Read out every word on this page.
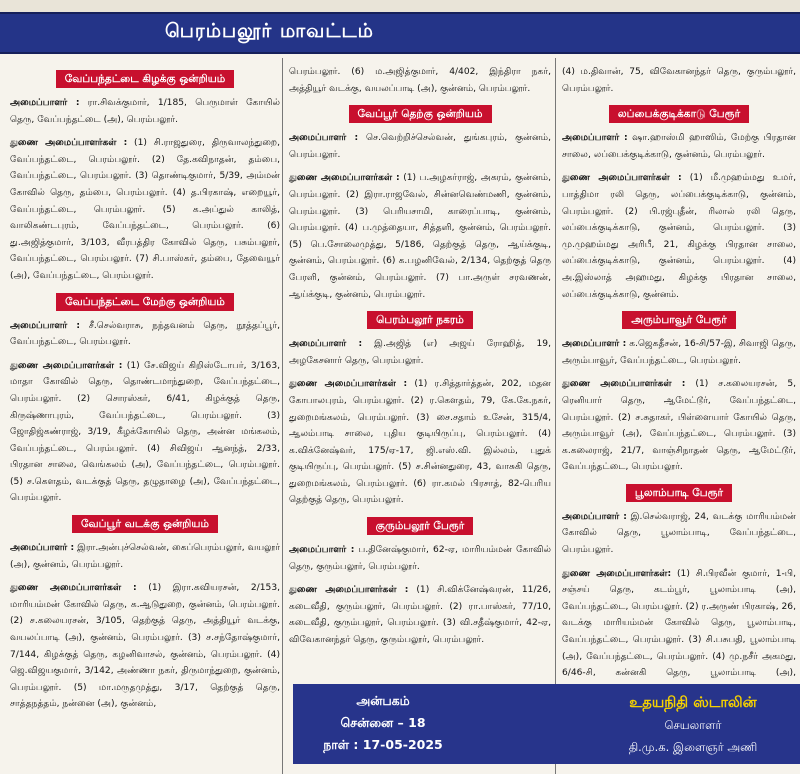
பெரம்பலூர் மாவட்டம்
வேப்பந்தட்டை கிழக்கு ஒன்றியம்

அமைப்பாளர் : ரா.சிவக்குமார், 1/185, பெருமாள் கோயில் தெரு, வேப்பந்தட்டை (அ), பெரம்பலூர்.

துணை அமைப்பாளர்கள் : (1) சி.ராஜதுரை, திருவாலந்துறை, வேப்பந்தட்டை, பெரம்பலூர். (2) தே.கவிநாதன், தம்பை, வேப்பந்தட்டை, பெரம்பலூர். (3) தொண்டிகுமார், 5/39, அம்மன் கோவில் தெரு, தம்பை, பெரம்பலூர். (4) த.பிரகாஷ், எறையூர், வேப்பந்தட்டை, பெரம்பலூர். (5) க.அப்துல் காலித், வாலிகண்டபுரம், வேப்பந்தட்டை, பெரம்பலூர். (6) து.அஜித்குமார், 3/103, வீரபத்திர கோவில் தெரு, பசும்பலூர், வேப்பந்தட்டை, பெரம்பலூர். (7) சி.பாஸ்கர், தம்பை, தேவையூர் (அ), வேப்பந்தட்டை, பெரம்பலூர்.

வேப்பந்தட்டை மேற்கு ஒன்றியம்

அமைப்பாளர் : சீ.செல்வராசு, நந்தவனம் தெரு, நூத்தப்பூர், வேப்பந்தட்டை, பெரம்பலூர்.

துணை அமைப்பாளர்கள் : (1) சே.விஜய் கிறிஸ்டோபர், 3/163, மாதா கோவில் தெரு, தொண்டமாந்துறை, வேப்பந்தட்டை, பெரம்பலூர். (2) சொரஸ்கர், 6/41, கிழக்குத் தெரு, கிருஷ்ணாபுரம், வேப்பந்தட்டை, பெரம்பலூர். (3) ஜோதிஜ்கண்ராஜ், 3/19, கீழக்கோயில் தெரு, அன்ன மங்கலம், வேப்பந்தட்டை, பெரம்பலூர். (4) சிவிஜய் ஆனந்த், 2/33, பிரதான சாலை, வெங்கலம் (அ), வேப்பந்தட்டை, பெரம்பலூர். (5) ச.கௌதம், வடக்குத் தெரு, தழுதாழை (அ), வேப்பந்தட்டை, பெரம்பலூர்.

வேப்பூர் வடக்கு ஒன்றியம்

அமைப்பாளர் : இரா.அன்புச்செல்வன், கைப்பெரம்பலூர், வயலூர் (அ), குன்னம், பெரம்பலூர்.

துணை அமைப்பாளர்கள் : (1) இரா.கவியரசன், 2/153, மாரியம்மன் கோவில் தெரு, க.ஆடுதுறை, குன்னம், பெரம்பலூர். (2) ச.கலையரசன், 3/105, தெற்குத் தெரு, அத்தியூர் வடக்கு, வயலப்பாடி (அ), குன்னம், பெரம்பலூர். (3) ச.சந்தோஷ்குமார், 7/144, கிழக்குத் தெரு, கழனிவாசல், குன்னம், பெரம்பலூர். (4) ஜெ.விஜயகுமார், 3/142, அண்ணா நகர், திருமாந்துறை, குன்னம், பெரம்பலூர். (5) மா.மருதமுத்து, 3/17, தெற்குத் தெரு, சாத்தநத்தம், நன்னை (அ), குன்னம்,

பெரம்பலூர். (6) ம.அஜித்குமார், 4/402, இந்திரா நகர், அத்தியூர் வடக்கு, வயலப்பாடி (அ), குன்னம், பெரம்பலூர்.

வேப்பூர் தெற்கு ஒன்றியம்

அமைப்பாளர் : செ.வெற்றிச்செல்வன், துங்கபுரம், குன்னம், பெரம்பலூர்.

துணை அமைப்பாளர்கள் : (1) ப.அழகர்ராஜ், அகரம், குன்னம், பெரம்பலூர். (2) இரா.ராஜவேல், சின்னவெண்மணி, குன்னம், பெரம்பலூர். (3) பெரியசாமி, காரைப்பாடி, குன்னம், பெரம்பலூர். (4) ப.முத்தையா, சித்தளி, குன்னம், பெரம்பலூர். (5) பெ.சோலைமுத்து, 5/186, தெற்குத் தெரு, ஆய்க்குடி, குன்னம், பெரம்பலூர். (6) க.பழனிவேல், 2/134, தெற்குத் தெரு பேரளி, குன்னம், பெரம்பலூர். (7) பா.அருள் சரவணன், ஆய்க்குடி, குன்னம், பெரம்பலூர்.

பெரம்பலூர் நகரம்

அமைப்பாளர் : இ.அஜித் (எ) அஜய் ரோஹித், 19, அழகேசனார் தெரு, பெரம்பலூர்.

துணை அமைப்பாளர்கள் : (1) ர.சித்தார்த்தன், 202, மதன கோபாலபுரம், பெரம்பலூர். (2) ர.கௌதம், 79, கே.கே.நகர், துறைமங்கலம், பெரம்பலூர். (3) சை.சதாம் உசேன், 315/4, ஆலம்பாடி சாலை, புதிய குடியிருப்பு, பெரம்பலூர். (4) க.விக்னேஷ்வர், 175/ஏ-17, ஜி.எஸ்.வி. இல்லம், புதுக் குடியிருப்பு, பெரம்பலூர். (5) ச.சின்னதுரை, 43, வாசுகி தெரு, துறைமங்கலம், பெரம்பலூர். (6) ரா.கமல் பிரசாத், 82-பெரிய தெற்குத் தெரு, பெரம்பலூர்.

குரும்பலூர் பேரூர்

அமைப்பாளர் : ப.தினேஷ்குமார், 62-ஏ, மாரியம்மன் கோவில் தெரு, குரும்பலூர், பெரம்பலூர்.

துணை அமைப்பாளர்கள் : (1) சி.விக்னேஷ்வரன், 11/26, கடைவீதி, குரும்பலூர், பெரம்பலூர். (2) ரா.பாஸ்கர், 77/10, கடைவீதி, குரும்பலூர், பெரம்பலூர். (3) வி.சதீஷ்குமார், 42-ஏ, விவேகானந்தர் தெரு, குரும்பலூர், பெரம்பலூர்.

(4) ம.திவான், 75, விவேகானந்தர் தெரு, குரும்பலூர், பெரம்பலூர்.

லப்பைக்குடிக்காடு பேரூர்

அமைப்பாளர் : ஷா.ஹாஸ்மி ஹாஸிம், மேற்கு பிரதான சாலை, லப்பைக்குடிக்காடு, குன்னம், பெரம்பலூர்.

துணை அமைப்பாளர்கள் : (1) மீ.முஹம்மது உமர், பாத்திமா ரலி தெரு, லப்பைக்குடிக்காடு, குன்னம், பெரம்பலூர். (2) பி.ரஜ்புதீன், ரிலால் ரலி தெரு, லப்பைக்குடிக்காடு, குன்னம், பெரம்பலூர். (3) மு.முஹம்மது அரிபீ, 21, கிழக்கு பிரதான சாலை, லப்பைக்குடிக்காடு, குன்னம், பெரம்பலூர். (4) அ.இஸ்லாத் அஹமது, கிழக்கு பிரதான சாலை, லப்பைக்குடிக்காடு, குன்னம்.

அரும்பாவூர் பேரூர்

அமைப்பாளர் : க.ஜெகதீசன், 16-சி/57-இ, சிவாஜி தெரு, அரும்பாவூர், வேப்பந்தட்டை, பெரம்பலூர்.

துணை அமைப்பாளர்கள் : (1) ச.கலையரசன், 5, ரெனியார் தெரு, ஆமேட்டூர், வேப்பந்தட்டை, பெரம்பலூர். (2) ச.சுதாகர், பிள்ளையார் கோயில் தெரு, அரும்பாவூர் (அ), வேப்பந்தட்டை, பெரம்பலூர். (3) க.கலைராஜ், 21/7, வாஞ்சிநாதன் தெரு, ஆமேட்டூர், வேப்பந்தட்டை, பெரம்பலூர்.

பூலாம்பாடி பேரூர்

அமைப்பாளர் : இ.செல்வராஜ், 24, வடக்கு மாரியம்மன் கோவில் தெரு, பூலாம்பாடி, வேப்பந்தட்டை, பெரம்பலூர்.

துணை அமைப்பாளர்கள்: (1) சி.பிரவீன் குமார், 1-பி, சஞ்சய் தெரு, கடம்பூர், பூலாம்பாடி (அ), வேப்பந்தட்டை, பெரம்பலூர். (2) ர.அருண் பிரகாஷ், 26, வடக்கு மாரியம்மன் கோவில் தெரு, பூலாம்பாடி, வேப்பந்தட்டை, பெரம்பலூர். (3) சி.பசுபதி, பூலாம்பாடி (அ), வேப்பந்தட்டை, பெரம்பலூர். (4) மு.நசீர் அகமது, 6/46-சி, கன்னகி தெரு, பூலாம்பாடி (அ),

அன்பகம்
சென்னை – 18
நாள் : 17-05-2025
உதயநிதி ஸ்டாலின்
செயலாளர்
தி.மு.க. இளைஞர் அணி
